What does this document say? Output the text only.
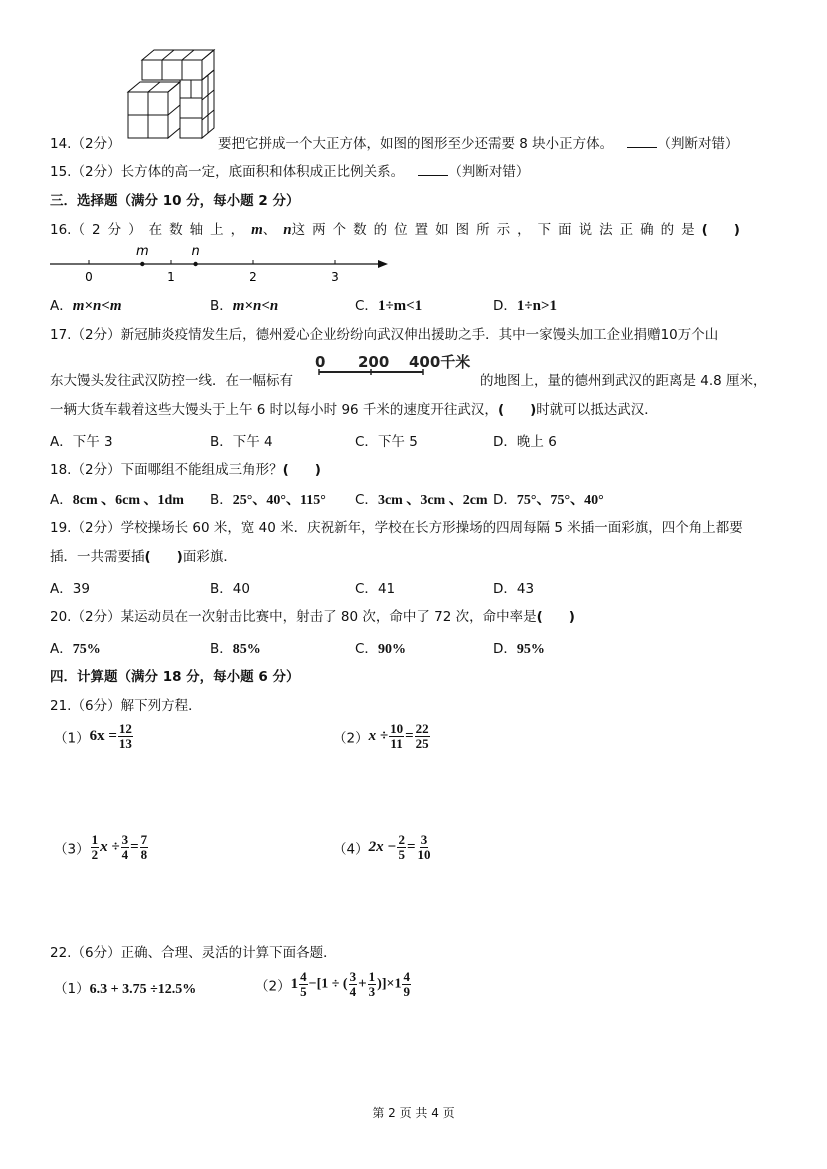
14.（2分）	要把它拼成一个大正方体，如图的图形至少还需要 8 块小正方体。	（判断对错）
15.（2分）长方体的高一定，底面积和体积成正比例关系。	（判断对错）
三．选择题（满分 10 分，每小题 2 分）
16.（2分）在数轴上，m、n这两个数的位置如图所示，下面说法正确的是( )
0	1	2	3
m	n
A．m×n<m	B．m×n<n	C．1÷m<1	D．1÷n>1
17.（2分）新冠肺炎疫情发生后，德州爱心企业纷纷向武汉伸出援助之手．其中一家馒头加工企业捐赠10万个山
东大馒头发往武汉防控一线．在一幅标有
0 200 400千米
的地图上，量的德州到武汉的距离是 4.8 厘米，
一辆大货车载着这些大馒头于上午 6 时以每小时 96 千米的速度开往武汉，( )时就可以抵达武汉．
A．下午 3	B．下午 4	C．下午 5	D．晚上 6
18.（2分）下面哪组不能组成三角形？( )
A．8cm 、6cm 、1dm B．25°、40°、115° C．3cm 、3cm 、2cm D．75°、75°、40°
19.（2分）学校操场长 60 米，宽 40 米．庆祝新年，学校在长方形操场的四周每隔 5 米插一面彩旗，四个角上都要
插．一共需要插( )面彩旗．
A．39	B．40	C．41	D．43
20.（2分）某运动员在一次射击比赛中，射击了 80 次，命中了 72 次，命中率是( )
A．75%	B．85%	C．90%	D．95%
四．计算题（满分 18 分，每小题 6 分）
21.（6分）解下列方程．
$(1)6x = \frac{12}{13}$	$(2)x \div \frac{10}{11} = \frac{22}{25}$
$(3) \frac{1}{2}$ $x \div \frac{3}{4} = \frac{7}{8}$	$(4)2x - \frac{2}{5} = \frac{3}{10}$
22.（6分）正确、合理、灵活的计算下面各题．
（1）6.3 + 3.75 ÷12.5%	$(2)1 \frac{4}{5} -[1$ ÷ ( $\frac{3}{4} + \frac{1}{3} )]\times 1 \frac{4}{9}$
第 2 页 共 4 页
